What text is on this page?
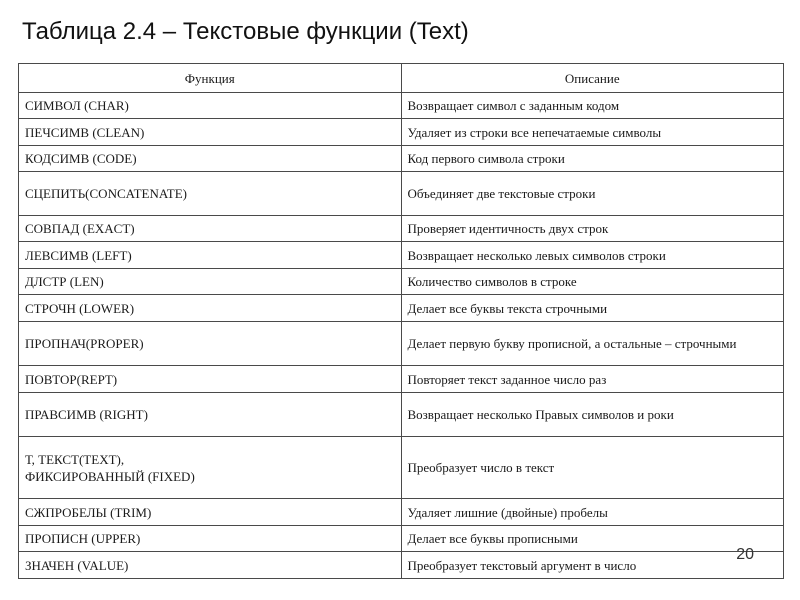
Таблица 2.4 – Текстовые функции (Text)
Функция	Описание
СИМВОЛ (CHAR)	Возвращает символ с заданным кодом
ПЕЧСИМВ (CLEAN)	Удаляет из строки все непечатаемые символы
КОДСИМВ (CODE)	Код первого символа строки
СЦЕПИТЬ(CONCATENATE)	Объединяет две текстовые строки
СОВПАД (EXACT)	Проверяет идентичность двух строк
ЛЕВСИМВ (LEFT)	Возвращает несколько левых символов строки
ДЛСТР (LEN)	Количество символов в строке
СТРОЧН (LOWER)	Делает все буквы текста строчными
ПРОПНАЧ(PROPER)	Делает первую букву прописной, а остальные – строчными
ПОВТОР(REPT)	Повторяет текст заданное число раз
ПРАВСИМВ (RIGHT)	Возвращает несколько Правых символов и роки
Т, ТЕКСТ(TEXT),
ФИКСИРОВАННЫЙ (FIXED)	Преобразует число в текст
СЖПРОБЕЛЫ (TRIM)	Удаляет лишние (двойные) пробелы
ПРОПИСН (UPPER)	Делает все буквы прописными
ЗНАЧЕН (VALUE)	Преобразует текстовый аргумент в число
20
